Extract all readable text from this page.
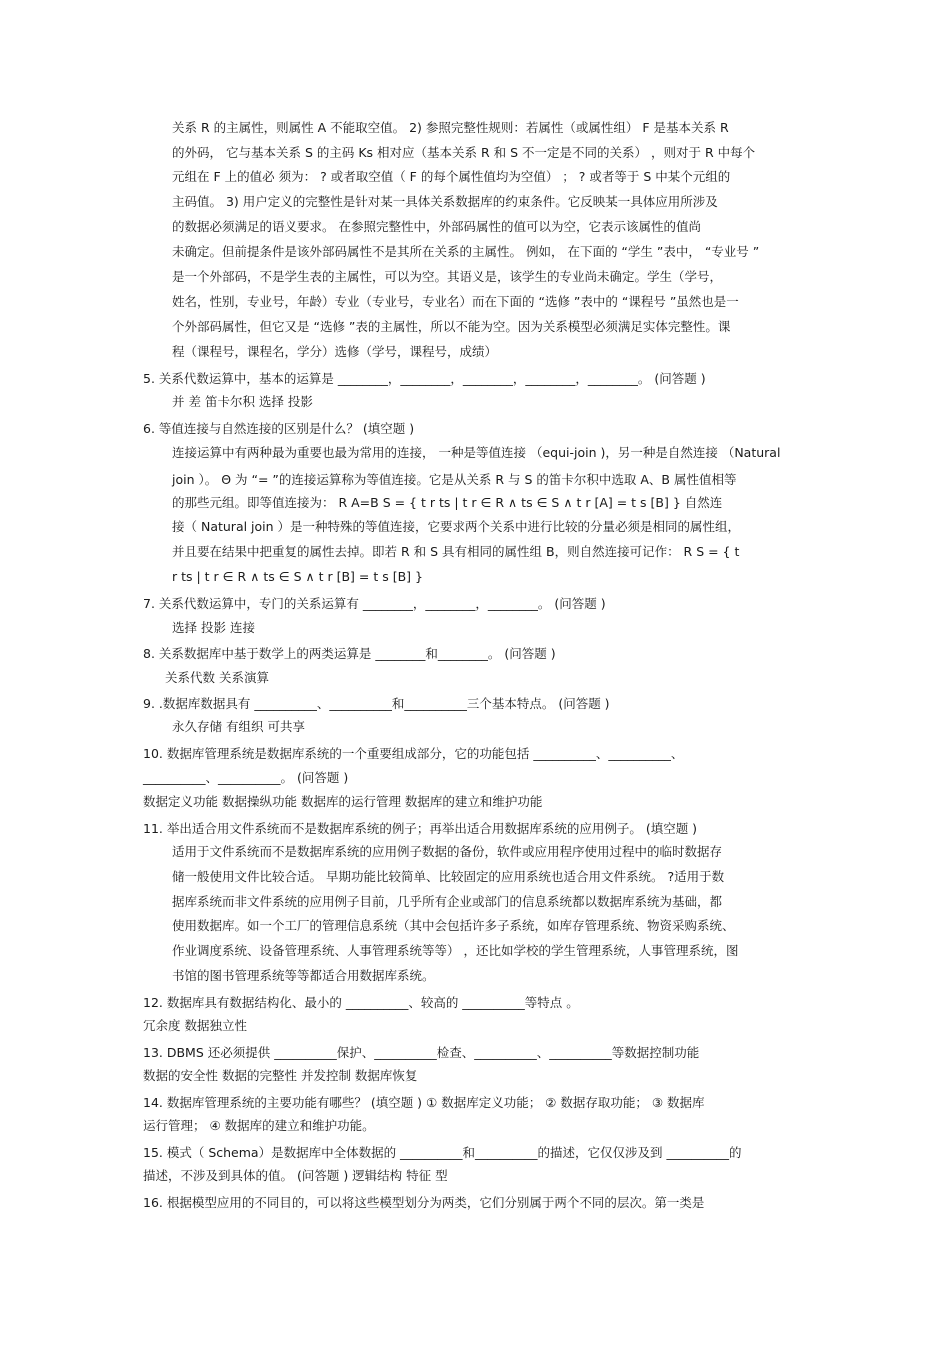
关系 R 的主属性，则属性 A 不能取空值。 2) 参照完整性规则：若属性（或属性组） F 是基本关系 R
的外码， 它与基本关系 S 的主码 Ks 相对应（基本关系 R 和 S 不一定是不同的关系） ，则对于 R 中每个
元组在 F 上的值必 须为： ? 或者取空值（ F 的每个属性值均为空值） ； ? 或者等于 S 中某个元组的
主码值。 3) 用户定义的完整性是针对某一具体关系数据库的约束条件。它反映某一具体应用所涉及
的数据必须满足的语义要求。 在参照完整性中，外部码属性的值可以为空，它表示该属性的值尚
未确定。但前提条件是该外部码属性不是其所在关系的主属性。 例如， 在下面的 “学生 ”表中， “专业号 ”
是一个外部码，不是学生表的主属性，可以为空。其语义是，该学生的专业尚未确定。学生（学号，
姓名，性别，专业号，年龄）专业（专业号，专业名）而在下面的 “选修 ”表中的 “课程号 ”虽然也是一
个外部码属性，但它又是 “选修 ”表的主属性，所以不能为空。因为关系模型必须满足实体完整性。课
程（课程号，课程名，学分）选修（学号，课程号，成绩）
5. 关系代数运算中，基本的运算是 ________，________，________，________，________。 (问答题 )
并 差 笛卡尔积 选择 投影
6. 等值连接与自然连接的区别是什么？ (填空题 )
连接运算中有两种最为重要也最为常用的连接， 一种是等值连接 （equi-join )，另一种是自然连接 （Natural
join ）。 Θ 为 “= ”的连接运算称为等值连接。它是从关系 R 与 S 的笛卡尔积中选取 A、B 属性值相等
的那些元组。即等值连接为： R A=B S = { t r ts | t r ∈ R ∧ ts ∈ S ∧ t r [A] = t s [B] } 自然连
接（ Natural join ）是一种特殊的等值连接，它要求两个关系中进行比较的分量必须是相同的属性组，
并且要在结果中把重复的属性去掉。即若 R 和 S 具有相同的属性组 B，则自然连接可记作： R S = { t
r ts | t r ∈ R ∧ ts ∈ S ∧ t r [B] = t s [B] }
7. 关系代数运算中，专门的关系运算有 ________，________，________。 (问答题 )
选择 投影 连接
8. 关系数据库中基于数学上的两类运算是 ________和________。 (问答题 )
关系代数 关系演算
9. .数据库数据具有 __________、__________和__________三个基本特点。 (问答题 )
永久存储 有组织 可共享
10. 数据库管理系统是数据库系统的一个重要组成部分，它的功能包括 __________、__________、
__________、__________。 (问答题 )
数据定义功能 数据操纵功能 数据库的运行管理 数据库的建立和维护功能
11. 举出适合用文件系统而不是数据库系统的例子；再举出适合用数据库系统的应用例子。 (填空题 )
适用于文件系统而不是数据库系统的应用例子数据的备份，软件或应用程序使用过程中的临时数据存
储一般使用文件比较合适。 早期功能比较简单、比较固定的应用系统也适合用文件系统。 ?适用于数
据库系统而非文件系统的应用例子目前，几乎所有企业或部门的信息系统都以数据库系统为基础，都
使用数据库。如一个工厂的管理信息系统（其中会包括许多子系统，如库存管理系统、物资采购系统、
作业调度系统、设备管理系统、人事管理系统等等） ，还比如学校的学生管理系统，人事管理系统，图
书馆的图书管理系统等等都适合用数据库系统。
12. 数据库具有数据结构化、最小的 __________、较高的 __________等特点 。
冗余度 数据独立性
13. DBMS 还必须提供 __________保护、__________检查、__________、__________等数据控制功能
数据的安全性 数据的完整性 并发控制 数据库恢复
14. 数据库管理系统的主要功能有哪些？ (填空题 ) ① 数据库定义功能； ② 数据存取功能； ③ 数据库
运行管理； ④ 数据库的建立和维护功能。
15. 模式（ Schema）是数据库中全体数据的 __________和__________的描述，它仅仅涉及到 __________的
描述，不涉及到具体的值。 (问答题 ) 逻辑结构 特征 型
16. 根据模型应用的不同目的，可以将这些模型划分为两类，它们分别属于两个不同的层次。第一类是
